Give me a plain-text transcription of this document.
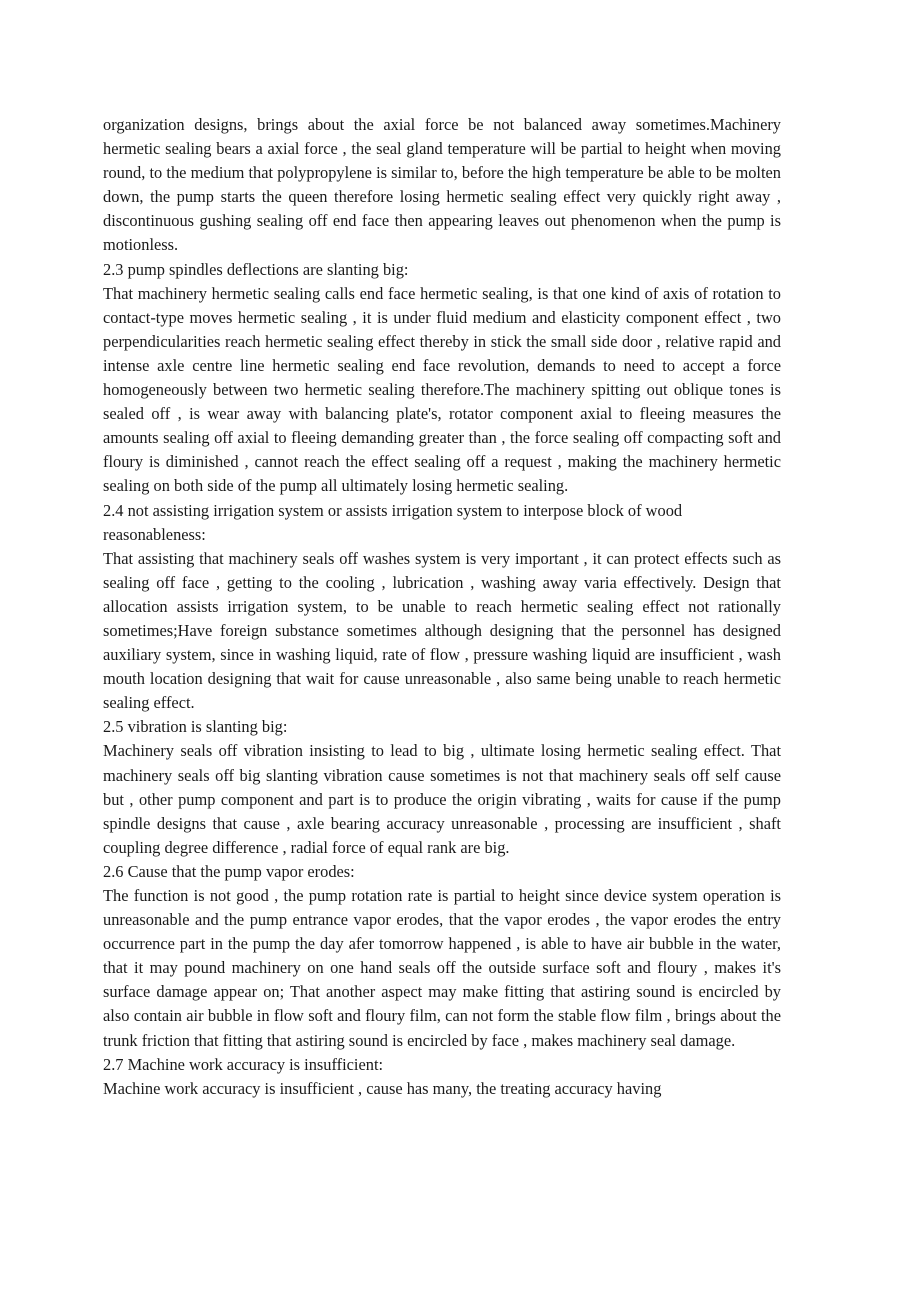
organization designs, brings about the axial force be not balanced away sometimes.Machinery hermetic sealing bears a axial force , the seal gland temperature will be partial to height when moving round, to the medium that polypropylene is similar to, before the high temperature be able to be molten down, the pump starts the queen therefore losing hermetic sealing effect very quickly right away , discontinuous gushing sealing off end face then appearing leaves out phenomenon when the pump is motionless.

2.3 pump spindles deflections are slanting big:

That machinery hermetic sealing calls end face hermetic sealing, is that one kind of axis of rotation to contact-type moves hermetic sealing , it is under fluid medium and elasticity component effect , two perpendicularities reach hermetic sealing effect thereby in stick the small side door , relative rapid and intense axle centre line hermetic sealing end face revolution, demands to need to accept a force homogeneously between two hermetic sealing therefore.The machinery spitting out oblique tones is sealed off , is wear away with balancing plate's, rotator component axial to fleeing measures the amounts sealing off axial to fleeing demanding greater than , the force sealing off compacting soft and floury is diminished , cannot reach the effect sealing off a request , making the machinery hermetic sealing on both side of the pump all ultimately losing hermetic sealing.

2.4 not assisting irrigation system or assists irrigation system to interpose block of wood reasonableness:

That assisting that machinery seals off washes system is very important , it can protect effects such as sealing off face , getting to the cooling , lubrication , washing away varia effectively. Design that allocation assists irrigation system, to be unable to reach hermetic sealing effect not rationally sometimes;Have foreign substance sometimes although designing that the personnel has designed auxiliary system, since in washing liquid, rate of flow , pressure washing liquid are insufficient , wash mouth location designing that wait for cause unreasonable , also same being unable to reach hermetic sealing effect.

2.5 vibration is slanting big:

Machinery seals off vibration insisting to lead to big , ultimate losing hermetic sealing effect. That machinery seals off big slanting vibration cause sometimes is not that machinery seals off self cause but , other pump component and part is to produce the origin vibrating , waits for cause if the pump spindle designs that cause , axle bearing accuracy unreasonable , processing are insufficient , shaft coupling degree difference , radial force of equal rank are big.

2.6 Cause that the pump vapor erodes:

The function is not good , the pump rotation rate is partial to height since device system operation is unreasonable and the pump entrance vapor erodes, that the vapor erodes , the vapor erodes the entry occurrence part in the pump the day afer tomorrow happened , is able to have air bubble in the water, that it may pound machinery on one hand seals off the outside surface soft and floury , makes it's surface damage appear on; That another aspect may make fitting that astiring sound is encircled by also contain air bubble in flow soft and floury film, can not form the stable flow film , brings about the trunk friction that fitting that astiring sound is encircled by face , makes machinery seal damage.

2.7 Machine work accuracy is insufficient:

Machine work accuracy is insufficient , cause has many, the treating accuracy having
